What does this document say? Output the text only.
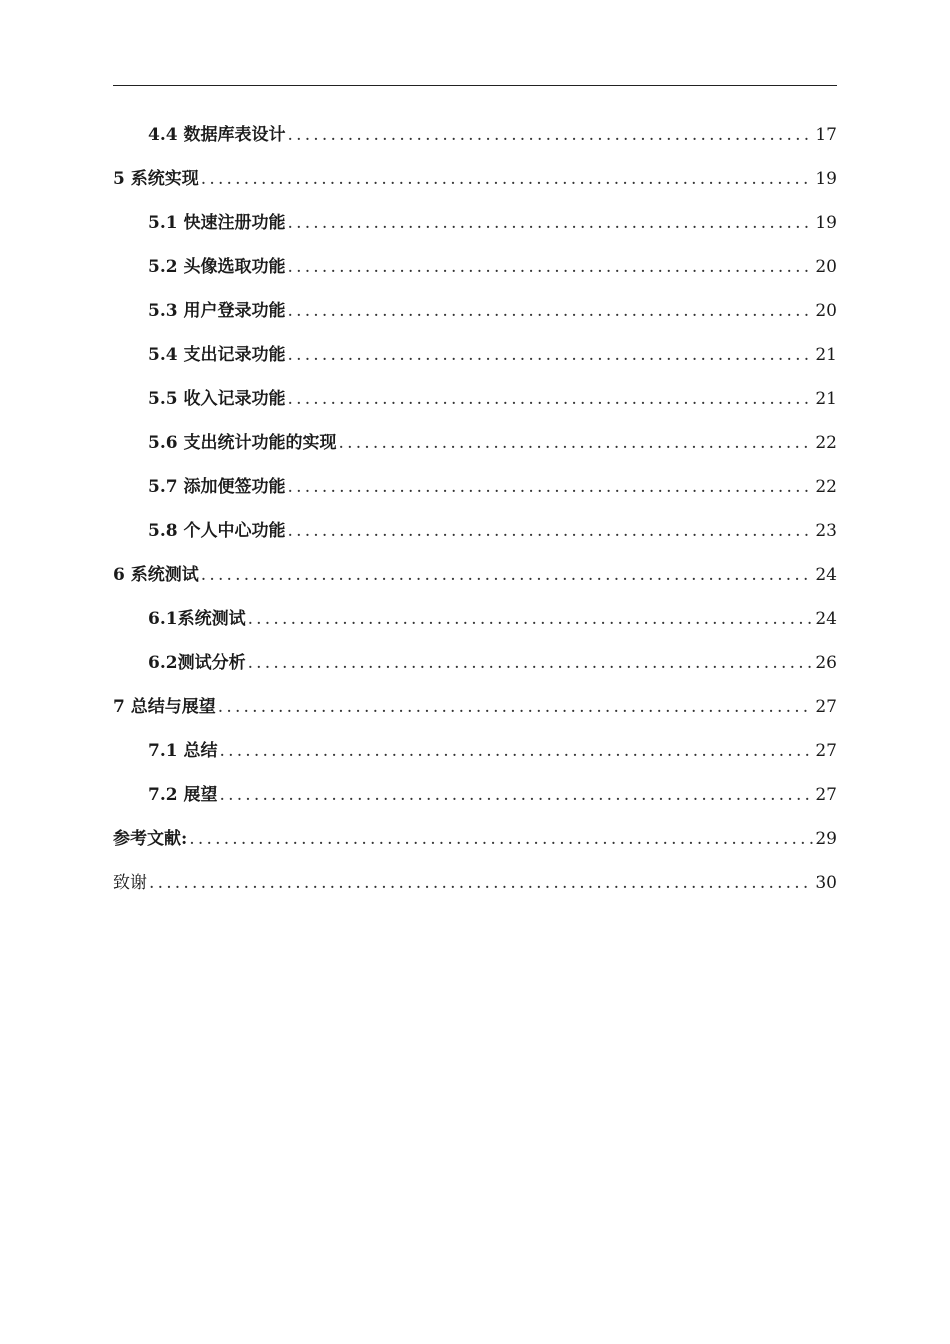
4.4 数据库表设计 .....	17
5 系统实现 .....	19
5.1 快速注册功能 .....	19
5.2 头像选取功能 .....	20
5.3 用户登录功能 .....	20
5.4 支出记录功能 .....	21
5.5 收入记录功能 .....	21
5.6 支出统计功能的实现 .....	22
5.7 添加便签功能 .....	22
5.8 个人中心功能 .....	23
6 系统测试 .....	24
6.1系统测试 .....	24
6.2测试分析 .....	26
7 总结与展望 .....	27
7.1 总结 .....	27
7.2 展望 .....	27
参考文献: .....	29
致谢 .....	30
